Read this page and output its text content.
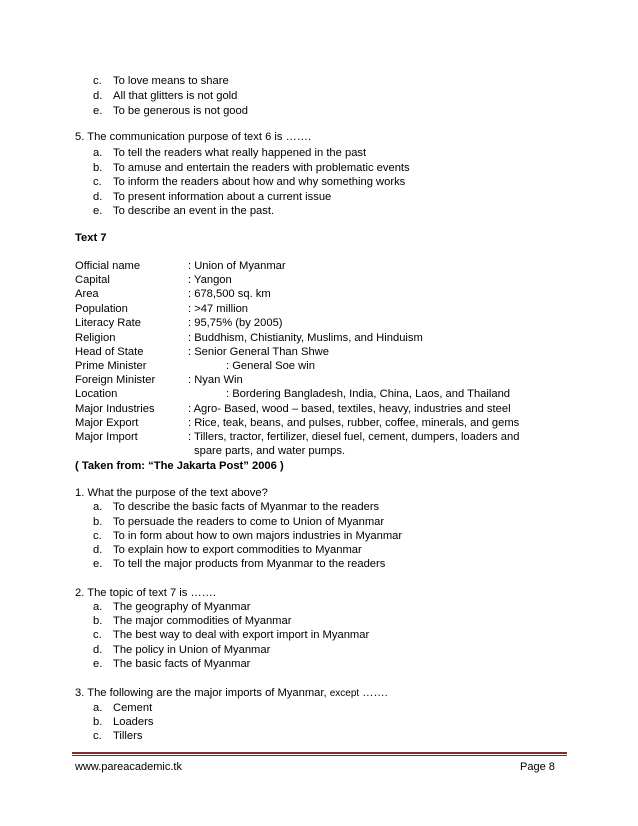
c. To love means to share
d. All that glitters is not gold
e. To be generous is not good
5. The communication purpose of text 6 is …….
a. To tell the readers what really happened in the past
b. To amuse and entertain the readers with problematic events
c. To inform the readers about how and why something works
d. To present information about a current issue
e. To describe an event in the past.
Text 7
Official name	: Union of Myanmar
Capital	: Yangon
Area	: 678,500 sq. km
Population	: >47 million
Literacy Rate	: 95,75% (by 2005)
Religion	: Buddhism, Chistianity, Muslims, and Hinduism
Head of State	: Senior General Than Shwe
Prime Minister	: General Soe win
Foreign Minister	: Nyan Win
Location	: Bordering Bangladesh, India, China, Laos, and Thailand
Major Industries	: Agro- Based, wood – based, textiles, heavy, industries and steel
Major Export	: Rice, teak, beans, and pulses, rubber, coffee, minerals, and gems
Major Import	: Tillers, tractor, fertilizer, diesel fuel, cement, dumpers, loaders and
spare parts, and water pumps.
( Taken from: “The Jakarta Post” 2006 )
1. What the purpose of the text above?
a. To describe the basic facts of Myanmar to the readers
b. To persuade the readers to come to Union of Myanmar
c. To in form about how to own majors industries in Myanmar
d. To explain how to export commodities to Myanmar
e. To tell the major products from Myanmar to the readers
2. The topic of text 7 is …….
a. The geography of Myanmar
b. The major commodities of Myanmar
c. The best way to deal with export import in Myanmar
d. The policy in Union of Myanmar
e. The basic facts of Myanmar
3. The following are the major imports of Myanmar, except …….
a. Cement
b. Loaders
c. Tillers
www.pareacademic.tk	Page 8
